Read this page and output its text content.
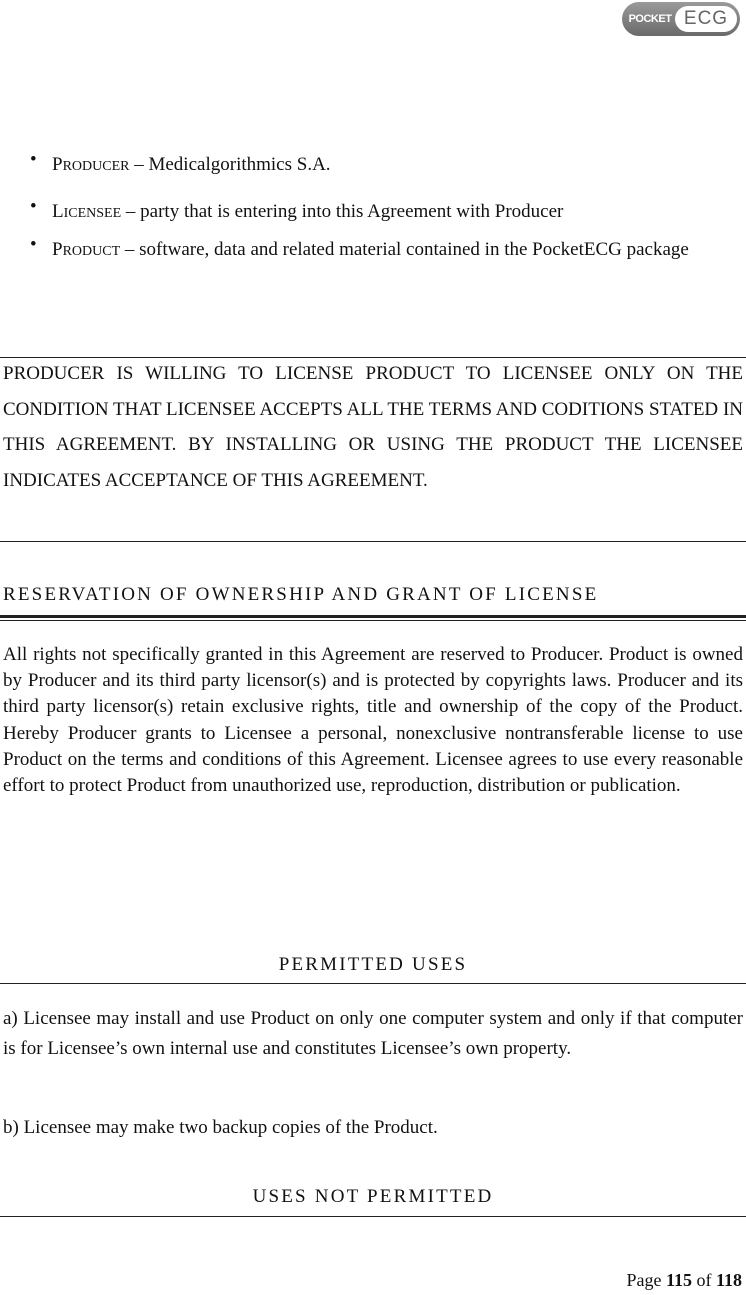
POCKET ECG
• PRODUCER – Medicalgorithmics S.A.
• LICENSEE – party that is entering into this Agreement with Producer
• PRODUCT – software, data and related material contained in the PocketECG package
PRODUCER IS WILLING TO LICENSE PRODUCT TO LICENSEE ONLY ON THE CONDITION THAT LICENSEE ACCEPTS ALL THE TERMS AND CODITIONS STATED IN THIS AGREEMENT. BY INSTALLING OR USING THE PRODUCT THE LICENSEE INDICATES ACCEPTANCE OF THIS AGREEMENT.
RESERVATION OF OWNERSHIP AND GRANT OF LICENSE
All rights not specifically granted in this Agreement are reserved to Producer. Product is owned by Producer and its third party licensor(s) and is protected by copyrights laws. Producer and its third party licensor(s) retain exclusive rights, title and ownership of the copy of the Product. Hereby Producer grants to Licensee a personal, nonexclusive nontransferable license to use Product on the terms and conditions of this Agreement. Licensee agrees to use every reasonable effort to protect Product from unauthorized use, reproduction, distribution or publication.
PERMITTED USES
a) Licensee may install and use Product on only one computer system and only if that computer is for Licensee’s own internal use and constitutes Licensee’s own property.
b) Licensee may make two backup copies of the Product.
USES NOT PERMITTED
Page 115 of 118
